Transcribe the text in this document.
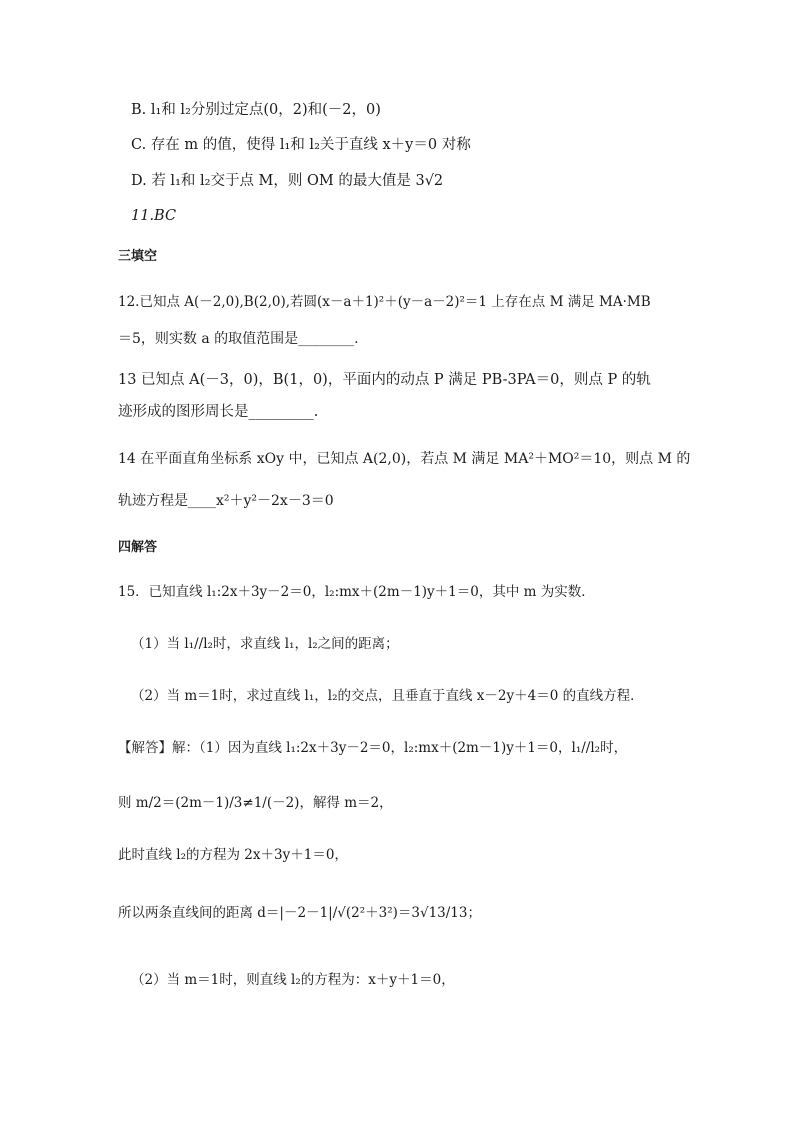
B. l₁和 l₂分别过定点(0，2)和(－2，0)
C. 存在 m 的值，使得 l₁和 l₂关于直线 x＋y＝0 对称
D. 若 l₁和 l₂交于点 M，则 OM 的最大值是 3√2
11.BC
三填空
12.已知点 A(－2,0),B(2,0),若圆(x－a＋1)²＋(y－a－2)²＝1 上存在点 M 满足 MA·MB
＝5，则实数 a 的取值范围是________.
13 已知点 A(－3，0)，B(1，0)，平面内的动点 P 满足 PB-3PA＝0，则点 P 的轨
迹形成的图形周长是_________.
14 在平面直角坐标系 xOy 中，已知点 A(2,0)，若点 M 满足 MA²＋MO²＝10，则点 M 的
轨迹方程是____x²＋y²－2x－3＝0
四解答
15．已知直线 l₁:2x＋3y－2＝0，l₂:mx＋(2m－1)y＋1＝0，其中 m 为实数．
（1）当 l₁//l₂时，求直线 l₁，l₂之间的距离；
（2）当 m＝1时，求过直线 l₁，l₂的交点，且垂直于直线 x－2y＋4＝0 的直线方程．
【解答】解：（1）因为直线 l₁:2x＋3y－2＝0，l₂:mx＋(2m－1)y＋1＝0，l₁//l₂时，
则 m/2＝(2m－1)/3≠1/(－2)，解得 m＝2，
此时直线 l₂的方程为 2x＋3y＋1＝0，
所以两条直线间的距离 d＝|－2－1|/√(2²＋3²)＝3√13/13；
（2）当 m＝1时，则直线 l₂的方程为：x＋y＋1＝0，
